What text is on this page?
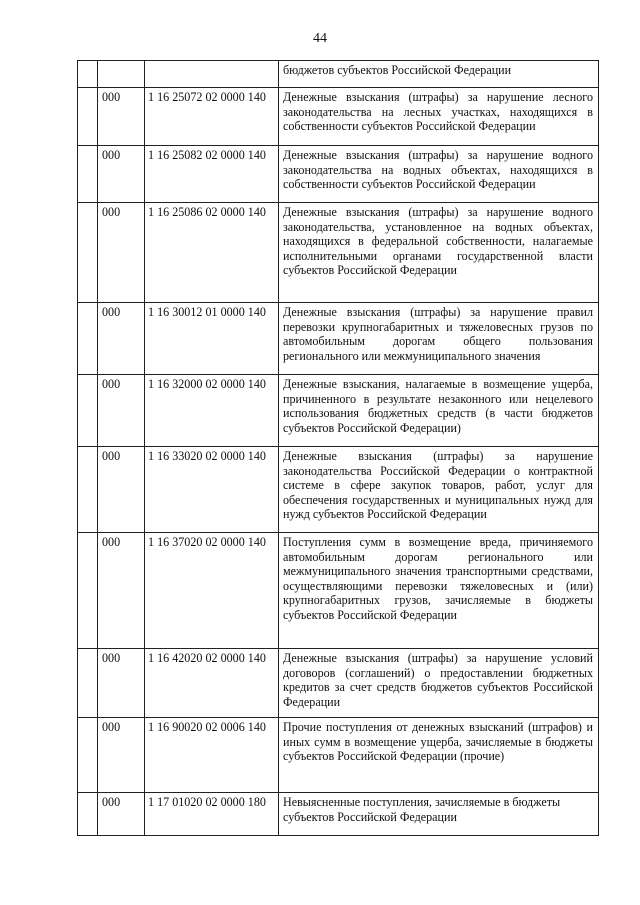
44

			бюджетов субъектов Российской Федерации

	000	1 16 25072 02 0000 140	Денежные взыскания (штрафы) за нарушение лесного законодательства на лесных участках, находящихся в собственности субъектов Российской Федерации

	000	1 16 25082 02 0000 140	Денежные взыскания (штрафы) за нарушение водного законодательства на водных объектах, находящихся в собственности субъектов Российской Федерации

	000	1 16 25086 02 0000 140	Денежные взыскания (штрафы) за нарушение водного законодательства, установленное на водных объектах, находящихся в федеральной собственности, налагаемые исполнительными органами государственной власти субъектов Российской Федерации

	000	1 16 30012 01 0000 140	Денежные взыскания (штрафы) за нарушение правил перевозки крупногабаритных и тяжеловесных грузов по автомобильным дорогам общего пользования регионального или межмуниципального значения

	000	1 16 32000 02 0000 140	Денежные взыскания, налагаемые в возмещение ущерба, причиненного в результате незаконного или нецелевого использования бюджетных средств (в части бюджетов субъектов Российской Федерации)

	000	1 16 33020 02 0000 140	Денежные взыскания (штрафы) за нарушение законодательства Российской Федерации о контрактной системе в сфере закупок товаров, работ, услуг для обеспечения государственных и муниципальных нужд для нужд субъектов Российской Федерации

	000	1 16 37020 02 0000 140	Поступления сумм в возмещение вреда, причиняемого автомобильным дорогам регионального или межмуниципального значения транспортными средствами, осуществляющими перевозки тяжеловесных и (или) крупногабаритных грузов, зачисляемые в бюджеты субъектов Российской Федерации

	000	1 16 42020 02 0000 140	Денежные взыскания (штрафы) за нарушение условий договоров (соглашений) о предоставлении бюджетных кредитов за счет средств бюджетов субъектов Российской Федерации

	000	1 16 90020 02 0006 140	Прочие поступления от денежных взысканий (штрафов) и иных сумм в возмещение ущерба, зачисляемые в бюджеты субъектов Российской Федерации (прочие)

	000	1 17 01020 02 0000 180	Невыясненные поступления, зачисляемые в бюджеты субъектов Российской Федерации
